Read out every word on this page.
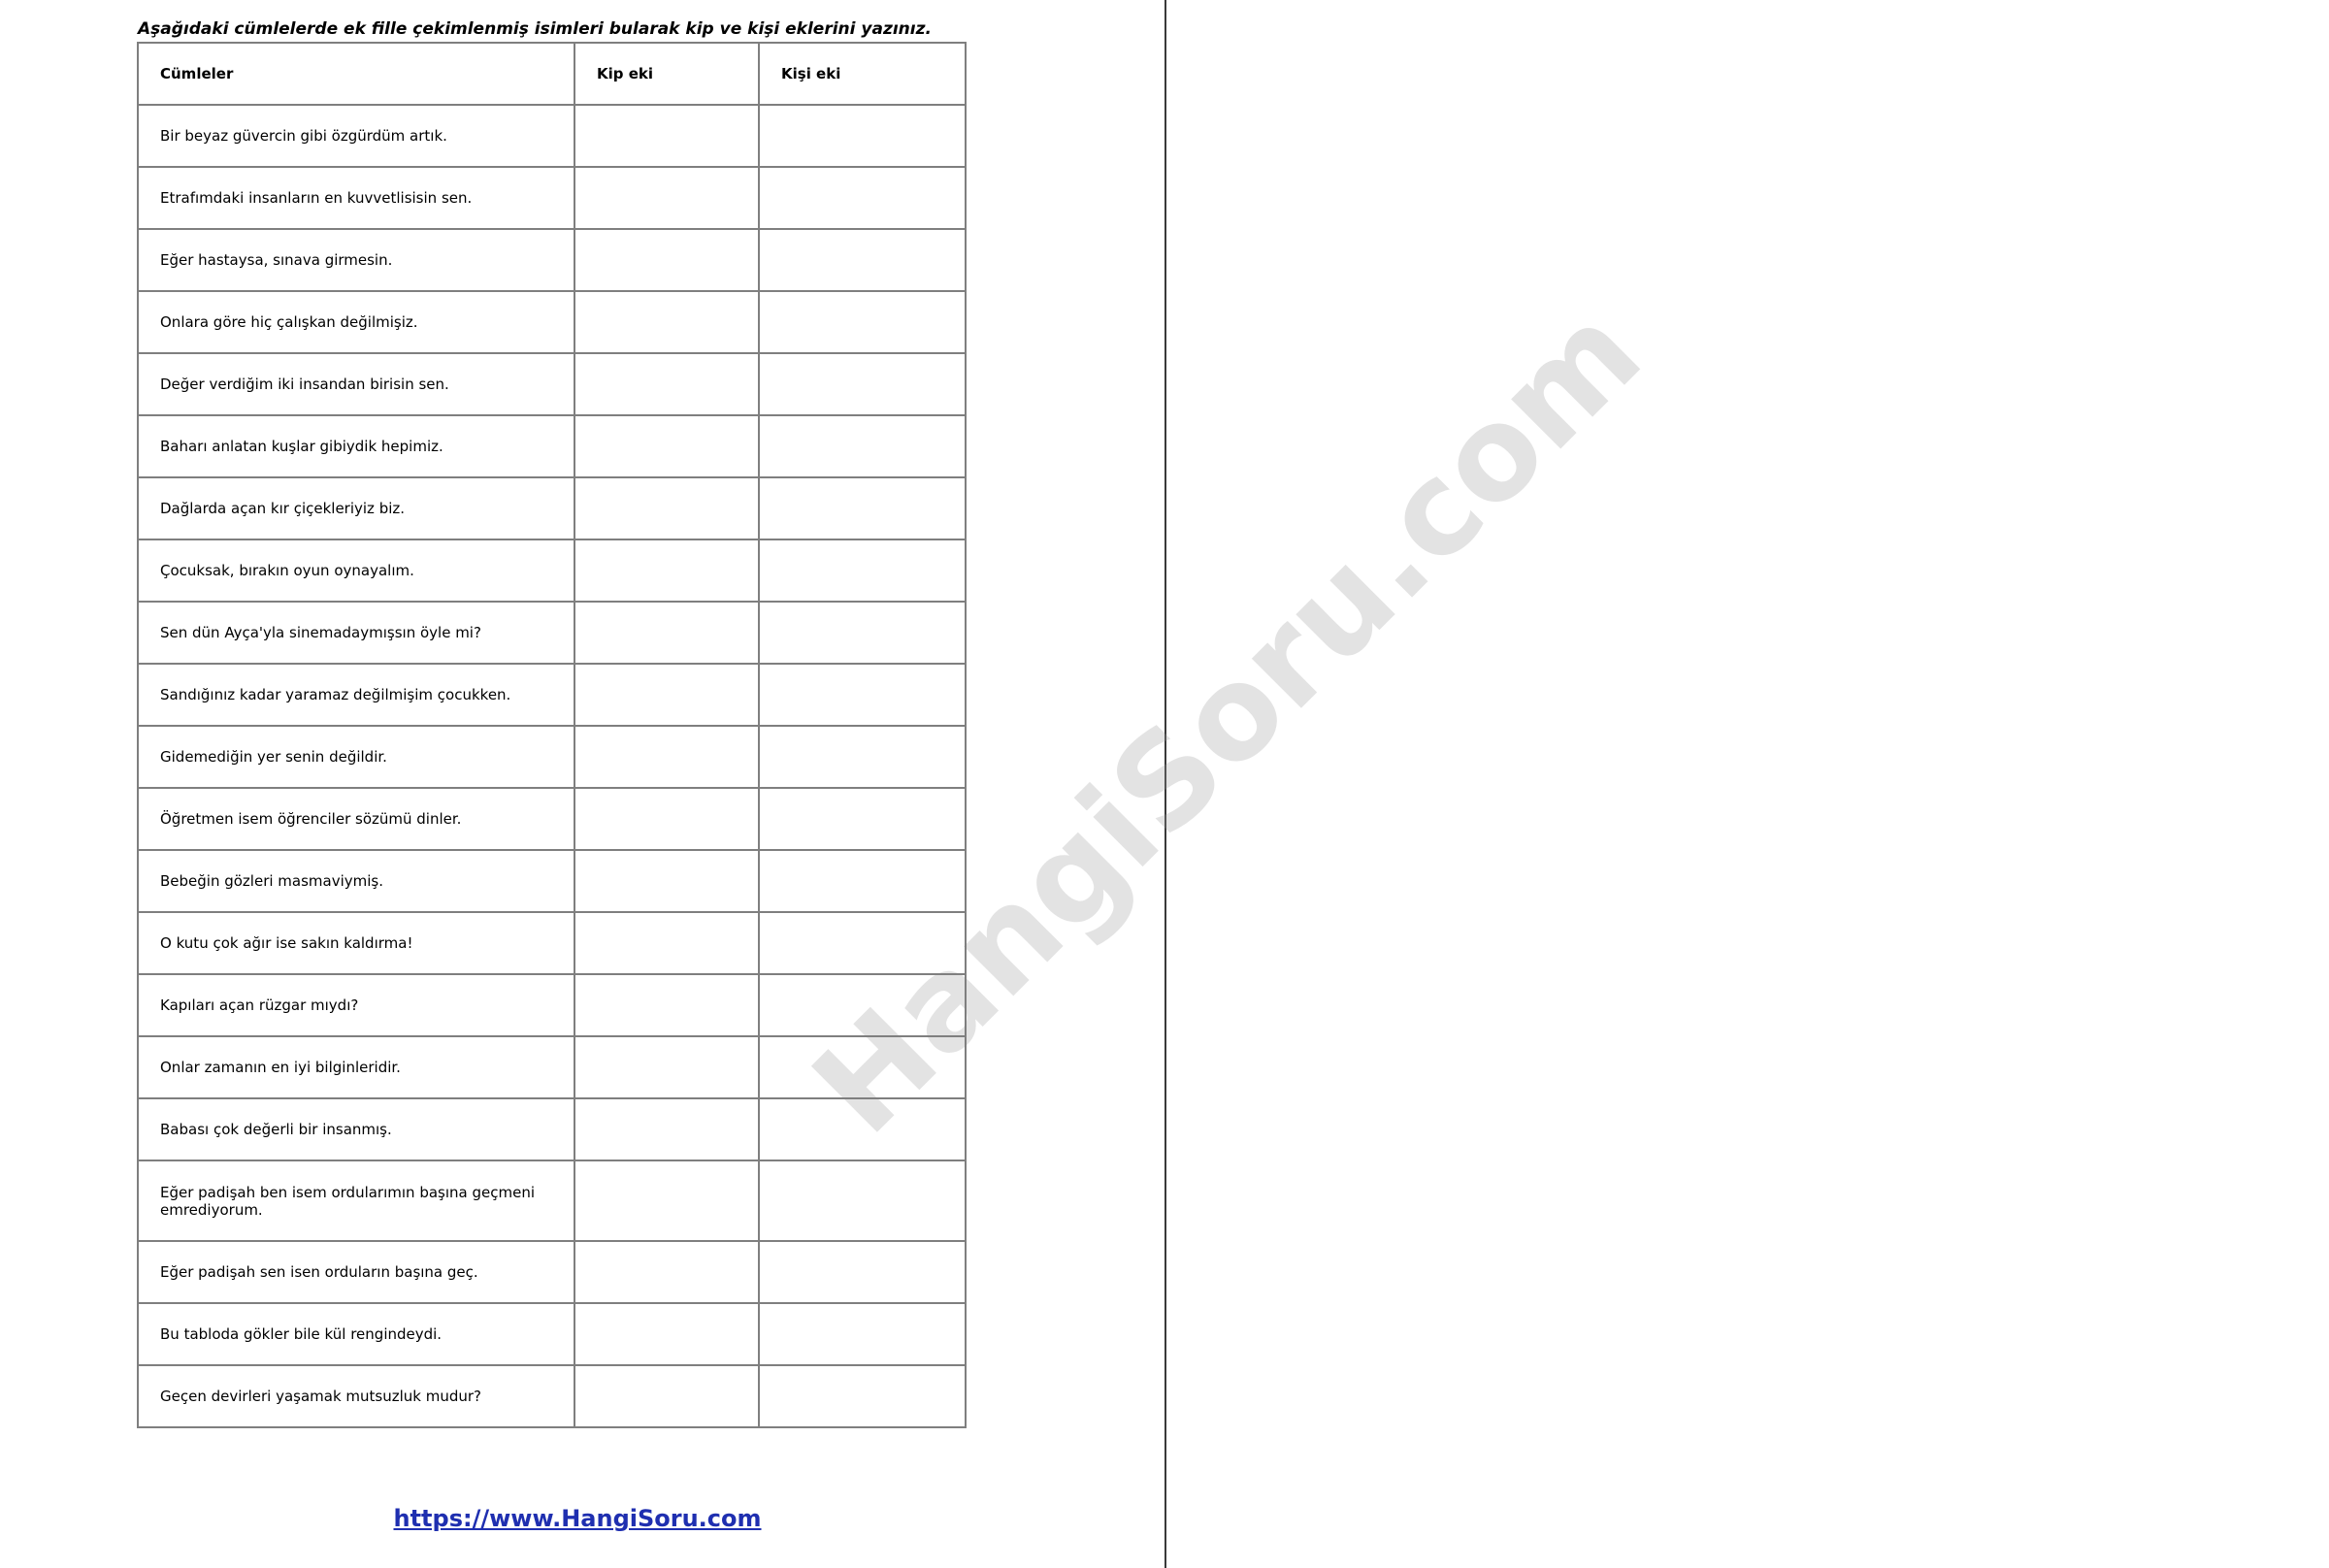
HangiSoru.com
Aşağıdaki cümlelerde ek fille çekimlenmiş isimleri bularak kip ve kişi eklerini yazınız.
Cümleler	Kip eki	Kişi eki
Bir beyaz güvercin gibi özgürdüm artık.		
Etrafımdaki insanların en kuvvetlisisin sen.		
Eğer hastaysa, sınava girmesin.		
Onlara göre hiç çalışkan değilmişiz.		
Değer verdiğim iki insandan birisin sen.		
Baharı anlatan kuşlar gibiydik hepimiz.		
Dağlarda açan kır çiçekleriyiz biz.		
Çocuksak, bırakın oyun oynayalım.		
Sen dün Ayça'yla sinemadaymışsın öyle mi?		
Sandığınız kadar yaramaz değilmişim çocukken.		
Gidemediğin yer senin değildir.		
Öğretmen isem öğrenciler sözümü dinler.		
Bebeğin gözleri masmaviymiş.		
O kutu çok ağır ise sakın kaldırma!		
Kapıları açan rüzgar mıydı?		
Onlar zamanın en iyi bilginleridir.		
Babası çok değerli bir insanmış.		
Eğer padişah ben isem ordularımın başına geçmeni emrediyorum.		
Eğer padişah sen isen orduların başına geç.		
Bu tabloda gökler bile kül rengindeydi.		
Geçen devirleri yaşamak mutsuzluk mudur?		
https://www.HangiSoru.com
